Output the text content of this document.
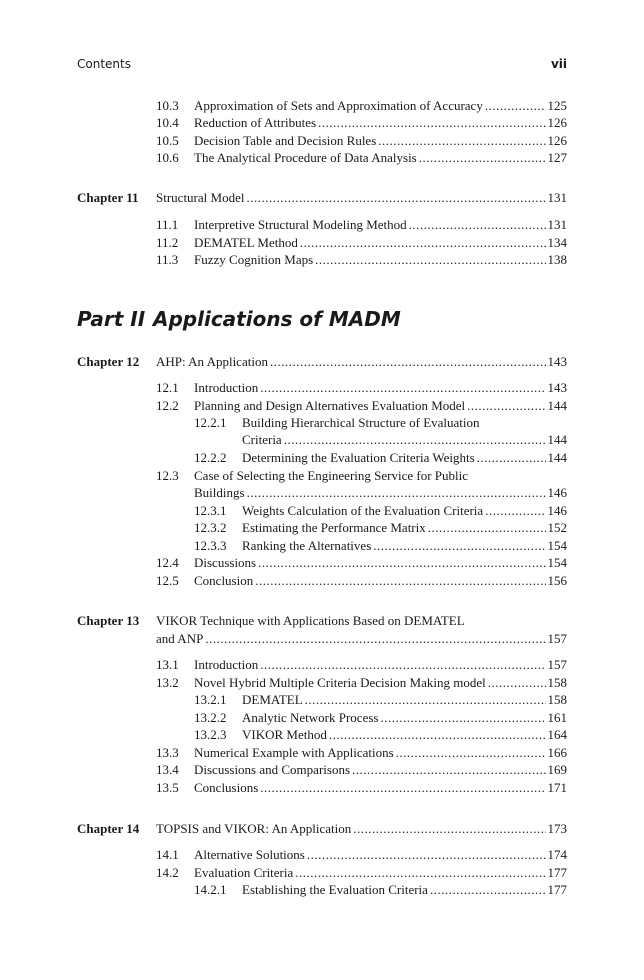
Contents	vii
10.3 Approximation of Sets and Approximation of Accuracy .....	125
10.4 Reduction of Attributes .....	126
10.5 Decision Table and Decision Rules .....	126
10.6 The Analytical Procedure of Data Analysis .....	127
Chapter 11 Structural Model .....	131
11.1 Interpretive Structural Modeling Method .....	131
11.2 DEMATEL Method .....	134
11.3 Fuzzy Cognition Maps .....	138
Part II Applications of MADM
Chapter 12 AHP: An Application .....	143
12.1 Introduction .....	143
12.2 Planning and Design Alternatives Evaluation Model .....	144
12.2.1 Building Hierarchical Structure of Evaluation
Criteria .....	144
12.2.2 Determining the Evaluation Criteria Weights .....	144
12.3 Case of Selecting the Engineering Service for Public
Buildings .....	146
12.3.1 Weights Calculation of the Evaluation Criteria .....	146
12.3.2 Estimating the Performance Matrix .....	152
12.3.3 Ranking the Alternatives .....	154
12.4 Discussions .....	154
12.5 Conclusion .....	156
Chapter 13 VIKOR Technique with Applications Based on DEMATEL
and ANP .....	157
13.1 Introduction .....	157
13.2 Novel Hybrid Multiple Criteria Decision Making model .....	158
13.2.1 DEMATEL .....	158
13.2.2 Analytic Network Process .....	161
13.2.3 VIKOR Method .....	164
13.3 Numerical Example with Applications .....	166
13.4 Discussions and Comparisons .....	169
13.5 Conclusions .....	171
Chapter 14 TOPSIS and VIKOR: An Application .....	173
14.1 Alternative Solutions .....	174
14.2 Evaluation Criteria .....	177
14.2.1 Establishing the Evaluation Criteria .....	177
